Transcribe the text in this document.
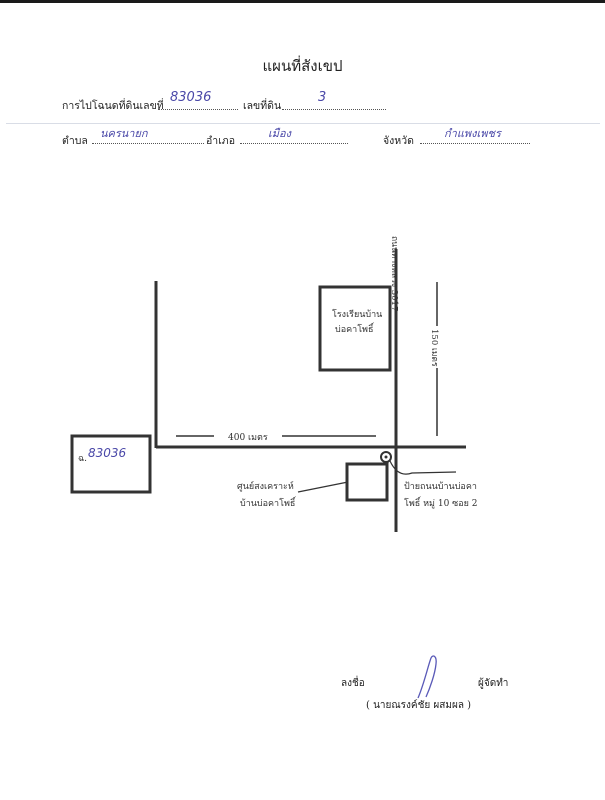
แผนที่สังเขป
การไปโฉนดที่ดินเลขที่
83036
เลขที่ดิน
3
ตำบล
นครนายก
อำเภอ
เมือง
จังหวัด
กำแพงเพชร
ถนนทางหลวง 3017
150 เมตร
400 เมตร
โรงเรียนบ้าน
บ่อคาโพธิ์
ฉ. 83036
ศูนย์สงเคราะห์
บ้านบ่อคาโพธิ์
ป้ายถนนบ้านบ่อคา
โพธิ์ หมู่ 10 ซอย 2
ลงชื่อ	ผู้จัดทำ
( นายณรงค์ชัย ผสมผล )
